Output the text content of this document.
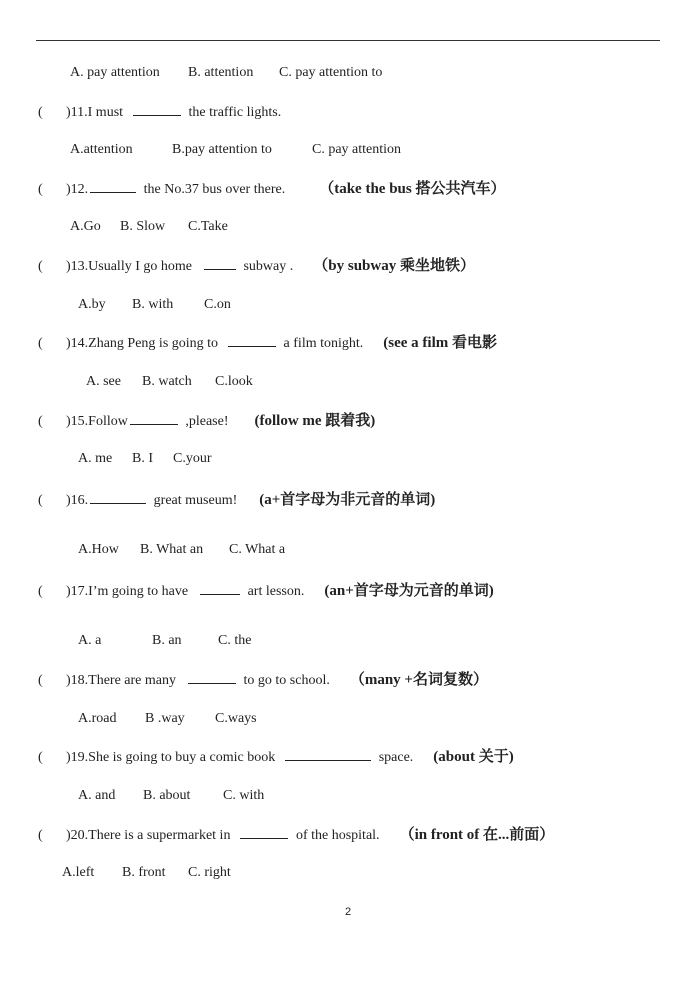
A. pay attention B. attention C. pay attention to
( )11.I must	the traffic lights.
A.attention	B.pay attention to	C. pay attention
( )12.	the No.37 bus over there. （take the bus 搭公共汽车）
A.Go B. Slow C.Take
( )13.Usually I go home	subway . （by subway 乘坐地铁）
A.by B. with C.on
( )14.Zhang Peng is going to	a film tonight. (see a film 看电影
A. see B. watch C.look
( )15.Follow	,please! (follow me 跟着我)
A. me B. I C.your
( )16.	great museum! (a+首字母为非元音的单词)
A.How B. What an C. What a
( )17.I’m going to have	art lesson. (an+首字母为元音的单词)
A. a	B. an	C. the
( )18.There are many	to go to school. （many +名词复数）
A.road B .way C.ways
( )19.She is going to buy a comic book	space. (about 关于)
A. and B. about C. with
( )20.There is a supermarket in	of the hospital. （in front of 在...前面）
A.left B. front C. right
2
